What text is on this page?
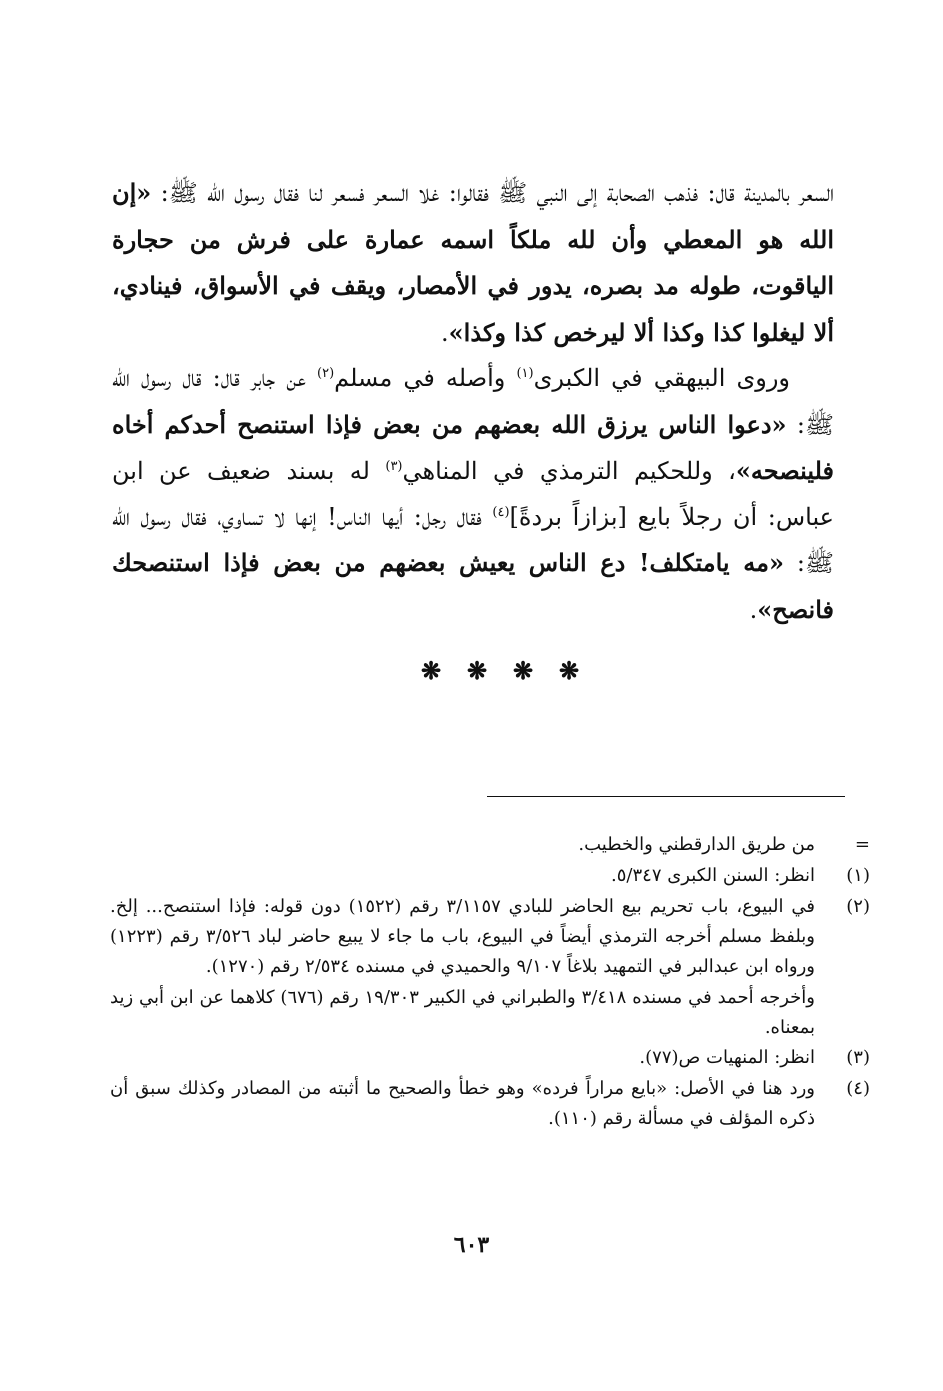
السعر بالمدينة قال: فذهب الصحابة إلى النبي ﷺ فقالوا: غلا السعر فسعر لنا فقال رسول الله ﷺ: «إن الله هو المعطي وأن لله ملكاً اسمه عمارة على فرش من حجارة الياقوت، طوله مد بصره، يدور في الأمصار، ويقف في الأسواق، فينادي، ألا ليغلوا كذا وكذا ألا ليرخص كذا وكذا».

وروى البيهقي في الكبرى$^{(١)}$ وأصله في مسلم$^{(٢)}$ عن جابر قال: قال رسول الله ﷺ: «دعوا الناس يرزق الله بعضهم من بعض فإذا استنصح أحدكم أخاه فلينصحه»، وللحكيم الترمذي في المناهي$^{(٣)}$ له بسند ضعيف عن ابن عباس: أن رجلاً بايع [بزازاً بردةً]$^{(٤)}$ فقال رجل: أيها الناس! إنها لا تساوي، فقال رسول الله ﷺ: «مه يامتكلف! دع الناس يعيش بعضهم من بعض فإذا استنصحك فانصح».

❋ ❋ ❋ ❋
=
من طريق الدارقطني والخطيب.
(١)
انظر: السنن الكبرى ٥/٣٤٧.
(٢)
في البيوع، باب تحريم بيع الحاضر للبادي ٣/١١٥٧ رقم (١٥٢٢) دون قوله: فإذا استنصح... إلخ. وبلفظ مسلم أخرجه الترمذي أيضاً في البيوع، باب ما جاء لا يبيع حاضر لباد ٣/٥٢٦ رقم (١٢٢٣) ورواه ابن عبدالبر في التمهيد بلاغاً ٩/١٠٧ والحميدي في مسنده ٢/٥٣٤ رقم (١٢٧٠).
وأخرجه أحمد في مسنده ٣/٤١٨ والطبراني في الكبير ١٩/٣٠٣ رقم (٦٧٦) كلاهما عن ابن أبي زيد بمعناه.
(٣)
انظر: المنهيات ص(٧٧).
(٤)
ورد هنا في الأصل: «بايع مراراً فرده» وهو خطأ والصحيح ما أثبته من المصادر وكذلك سبق أن ذكره المؤلف في مسألة رقم (١١٠).
٦٠٣
